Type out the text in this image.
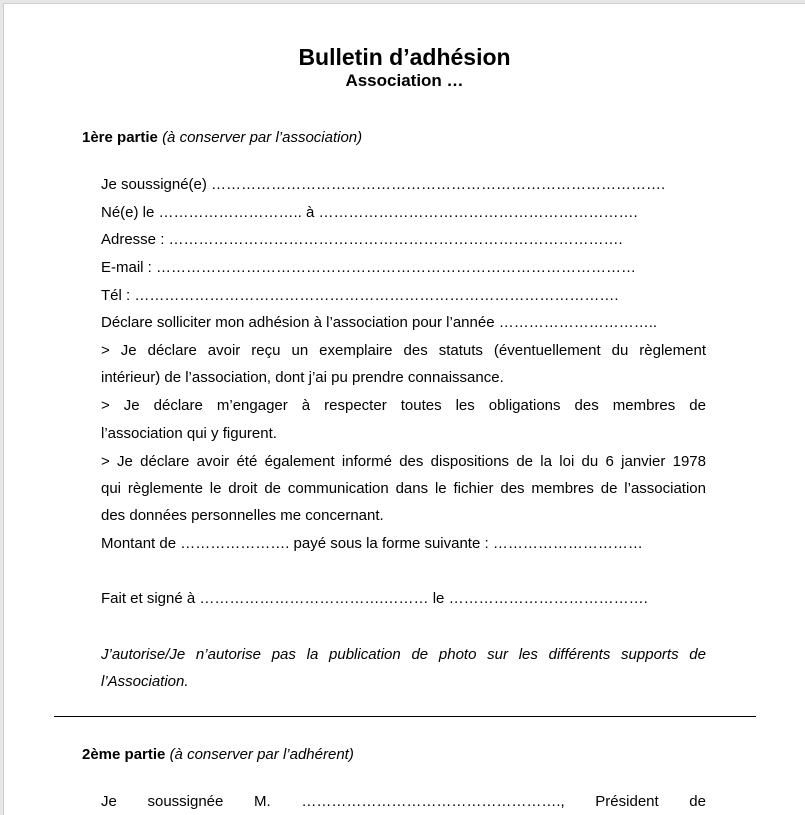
Bulletin d’adhésion
Association …
1ère partie (à conserver par l’association)
Je soussigné(e) ……………………………………………………………………………….
Né(e) le ……………………….. à ……………………………………………………….
Adresse : ……………………………………………………………………………….
E-mail : ……………………………………………………………………………………
Tél : …………………………………………………………………………………….
Déclare solliciter mon adhésion à l’association pour l’année …………………………..
> Je déclare avoir reçu un exemplaire des statuts (éventuellement du règlement
intérieur) de l’association, dont j’ai pu prendre connaissance.
> Je déclare m’engager à respecter toutes les obligations des membres de
l’association qui y figurent.
> Je déclare avoir été également informé des dispositions de la loi du 6 janvier 1978
qui règlemente le droit de communication dans le fichier des membres de l’association
des données personnelles me concernant.
Montant de …………………. payé sous la forme suivante : …………………………
Fait et signé à ……………………………….……… le ………………………………….
J’autorise/Je n’autorise pas la publication de photo sur les différents supports de
l’Association.
2ème partie (à conserver par l’adhérent)
Je soussignée M. ……………………………………………., Président de
